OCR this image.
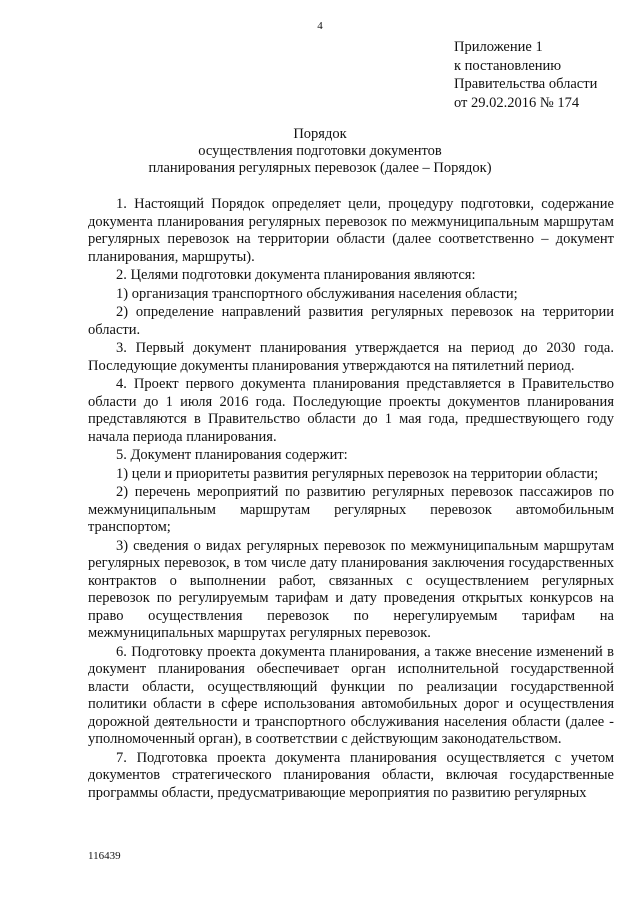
4
Приложение 1
к постановлению
Правительства области
от 29.02.2016 № 174
Порядок
осуществления подготовки документов
планирования регулярных перевозок (далее – Порядок)

1. Настоящий Порядок определяет цели, процедуру подготовки, содержание документа планирования регулярных перевозок по межмуниципальным маршрутам регулярных перевозок на территории области (далее соответственно – документ планирования, маршруты).

2. Целями подготовки документа планирования являются:

1) организация транспортного обслуживания населения области;

2) определение направлений развития регулярных перевозок на территории области.

3. Первый документ планирования утверждается на период до 2030 года. Последующие документы планирования утверждаются на пятилетний период.

4. Проект первого документа планирования представляется в Правительство области до 1 июля 2016 года. Последующие проекты документов планирования представляются в Правительство области до 1 мая года, предшествующего году начала периода планирования.

5. Документ планирования содержит:

1) цели и приоритеты развития регулярных перевозок на территории области;

2) перечень мероприятий по развитию регулярных перевозок пассажиров по межмуниципальным маршрутам регулярных перевозок автомобильным транспортом;

3) сведения о видах регулярных перевозок по межмуниципальным маршрутам регулярных перевозок, в том числе дату планирования заключения государственных контрактов о выполнении работ, связанных с осуществлением регулярных перевозок по регулируемым тарифам и дату проведения открытых конкурсов на право осуществления перевозок по нерегулируемым тарифам на межмуниципальных маршрутах регулярных перевозок.

6. Подготовку проекта документа планирования, а также внесение изменений в документ планирования обеспечивает орган исполнительной государственной власти области, осуществляющий функции по реализации государственной политики области в сфере использования автомобильных дорог и осуществления дорожной деятельности и транспортного обслуживания населения области (далее - уполномоченный орган), в соответствии с действующим законодательством.

7. Подготовка проекта документа планирования осуществляется с учетом документов стратегического планирования области, включая государственные программы области, предусматривающие мероприятия по развитию регулярных

116439
